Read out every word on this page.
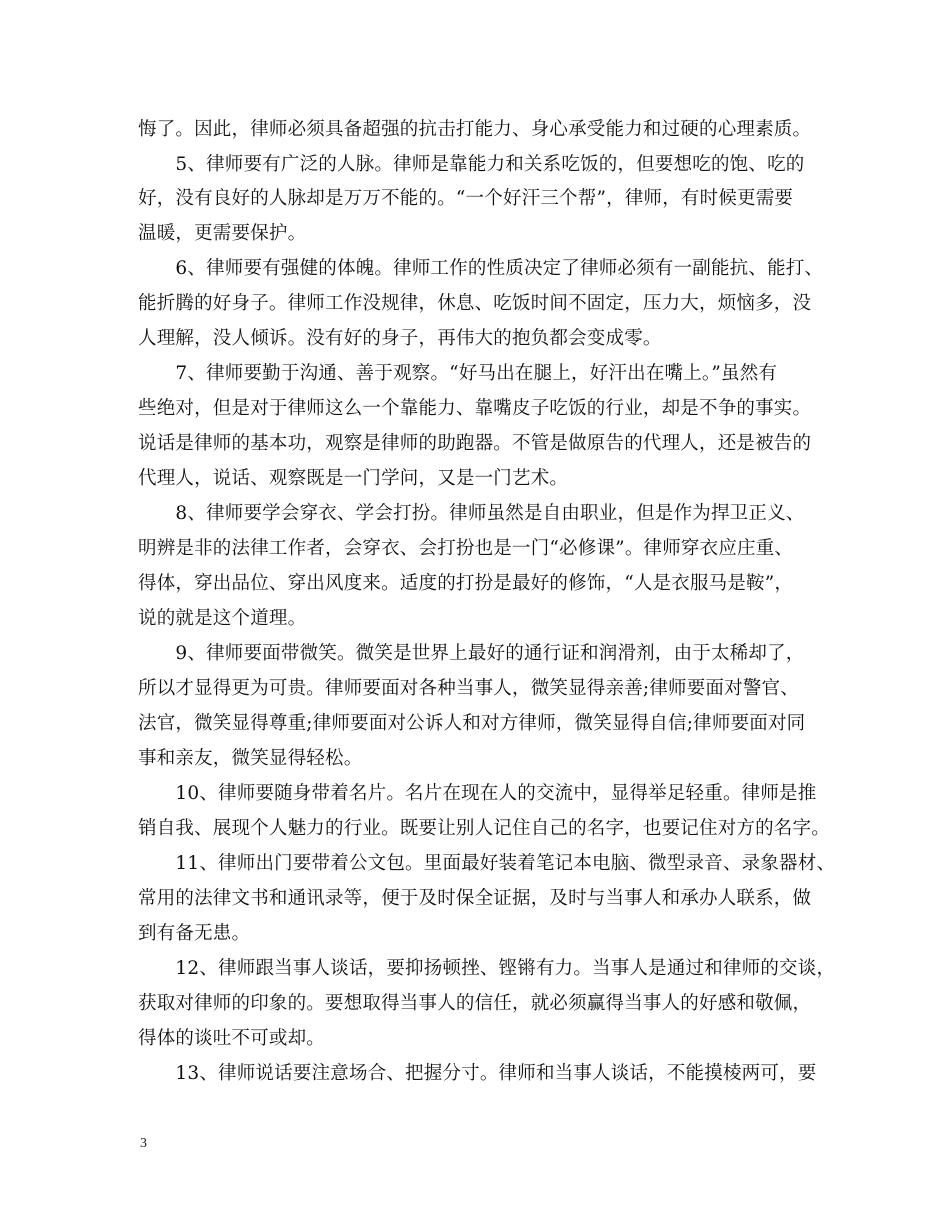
悔了。因此，律师必须具备超强的抗击打能力、身心承受能力和过硬的心理素质。
　　5、律师要有广泛的人脉。律师是靠能力和关系吃饭的，但要想吃的饱、吃的
好，没有良好的人脉却是万万不能的。“一个好汗三个帮”，律师，有时候更需要
温暖，更需要保护。
　　6、律师要有强健的体魄。律师工作的性质决定了律师必须有一副能抗、能打、
能折腾的好身子。律师工作没规律，休息、吃饭时间不固定，压力大，烦恼多，没
人理解，没人倾诉。没有好的身子，再伟大的抱负都会变成零。
　　7、律师要勤于沟通、善于观察。“好马出在腿上，好汗出在嘴上。”虽然有
些绝对，但是对于律师这么一个靠能力、靠嘴皮子吃饭的行业，却是不争的事实。
说话是律师的基本功，观察是律师的助跑器。不管是做原告的代理人，还是被告的
代理人，说话、观察既是一门学问，又是一门艺术。
　　8、律师要学会穿衣、学会打扮。律师虽然是自由职业，但是作为捍卫正义、
明辨是非的法律工作者，会穿衣、会打扮也是一门“必修课”。律师穿衣应庄重、
得体，穿出品位、穿出风度来。适度的打扮是最好的修饰，“人是衣服马是鞍”，
说的就是这个道理。
　　9、律师要面带微笑。微笑是世界上最好的通行证和润滑剂，由于太稀却了，
所以才显得更为可贵。律师要面对各种当事人，微笑显得亲善;律师要面对警官、
法官，微笑显得尊重;律师要面对公诉人和对方律师，微笑显得自信;律师要面对同
事和亲友，微笑显得轻松。
　　10、律师要随身带着名片。名片在现在人的交流中，显得举足轻重。律师是推
销自我、展现个人魅力的行业。既要让别人记住自己的名字，也要记住对方的名字。
　　11、律师出门要带着公文包。里面最好装着笔记本电脑、微型录音、录象器材、
常用的法律文书和通讯录等，便于及时保全证据，及时与当事人和承办人联系，做
到有备无患。
　　12、律师跟当事人谈话，要抑扬顿挫、铿锵有力。当事人是通过和律师的交谈，
获取对律师的印象的。要想取得当事人的信任，就必须赢得当事人的好感和敬佩，
得体的谈吐不可或却。
　　13、律师说话要注意场合、把握分寸。律师和当事人谈话，不能摸棱两可，要
3
